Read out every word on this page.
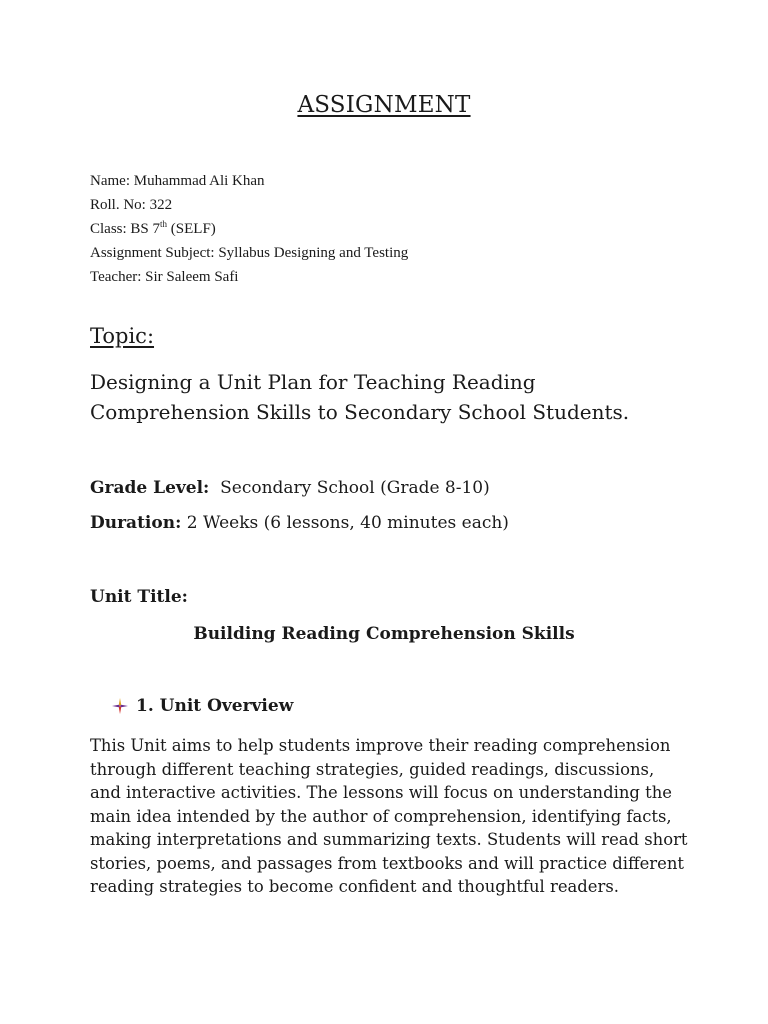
ASSIGNMENT
Name: Muhammad Ali Khan
Roll. No: 322
Class: BS 7th (SELF)
Assignment Subject: Syllabus Designing and Testing
Teacher: Sir Saleem Safi
Topic:
Designing a Unit Plan for Teaching Reading Comprehension Skills to Secondary School Students.
Grade Level: Secondary School (Grade 8-10)
Duration: 2 Weeks (6 lessons, 40 minutes each)
Unit Title:
Building Reading Comprehension Skills
1. Unit Overview
This Unit aims to help students improve their reading comprehension through different teaching strategies, guided readings, discussions, and interactive activities. The lessons will focus on understanding the main idea intended by the author of comprehension, identifying facts, making interpretations and summarizing texts. Students will read short stories, poems, and passages from textbooks and will practice different reading strategies to become confident and thoughtful readers.
